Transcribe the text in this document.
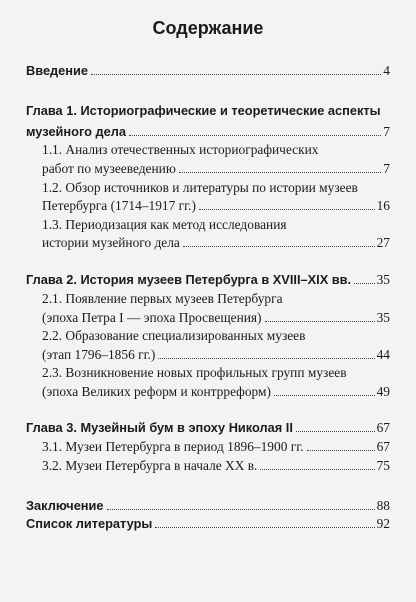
Содержание
Введение	4
Глава 1. Историографические и теоретические аспекты
музейного дела	7
1.1. Анализ отечественных историографических
работ по музееведению	7
1.2. Обзор источников и литературы по истории музеев
Петербурга (1714–1917 гг.)	16
1.3. Периодизация как метод исследования
истории музейного дела	27
Глава 2. История музеев Петербурга в XVIII–XIX вв. 35
2.1. Появление первых музеев Петербурга
(эпоха Петра I — эпоха Просвещения)	35
2.2. Образование специализированных музеев
(этап 1796–1856 гг.)	44
2.3. Возникновение новых профильных групп музеев
(эпоха Великих реформ и контрреформ)	49
Глава 3. Музейный бум в эпоху Николая II	67
3.1. Музеи Петербурга в период 1896–1900 гг.	67
3.2. Музеи Петербурга в начале XX в.	75
Заключение	88
Список литературы	92
